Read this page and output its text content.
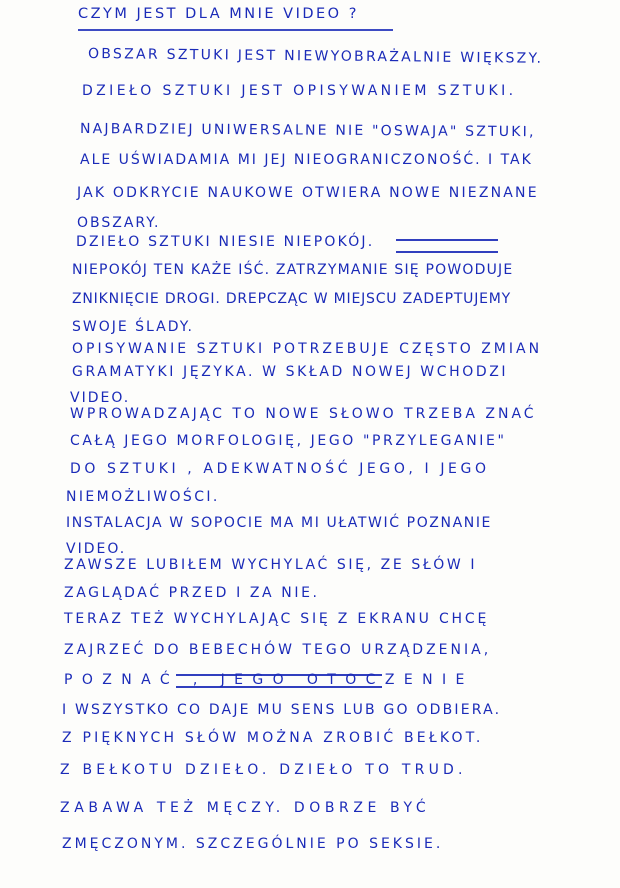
CZYM JEST DLA MNIE VIDEO ?
OBSZAR SZTUKI JEST NIEWYOBRAŻALNIE WIĘKSZY.
DZIEŁO SZTUKI JEST OPISYWANIEM SZTUKI.
NAJBARDZIEJ UNIWERSALNE NIE "OSWAJA" SZTUKI,
ALE UŚWIADAMIA MI JEJ NIEOGRANICZONOŚĆ. I TAK
JAK ODKRYCIE NAUKOWE OTWIERA NOWE NIEZNANE
OBSZARY.
DZIEŁO SZTUKI NIESIE NIEPOKÓJ.
NIEPOKÓJ TEN KAŻE IŚĆ. ZATRZYMANIE SIĘ POWODUJE
ZNIKNIĘCIE DROGI. DREPCZĄC W MIEJSCU ZADEPTUJEMY
SWOJE ŚLADY.
OPISYWANIE SZTUKI POTRZEBUJE CZĘSTO ZMIAN
GRAMATYKI JĘZYKA. W SKŁAD NOWEJ WCHODZI
VIDEO.
WPROWADZAJĄC TO NOWE SŁOWO TRZEBA ZNAĆ
CAŁĄ JEGO MORFOLOGIĘ, JEGO "PRZYLEGANIE"
DO SZTUKI , ADEKWATNOŚĆ JEGO, I JEGO
NIEMOŻLIWOŚCI.
INSTALACJA W SOPOCIE MA MI UŁATWIĆ POZNANIE
VIDEO.
ZAWSZE LUBIŁEM WYCHYLAĆ SIĘ, ZE SŁÓW I
ZAGLĄDAĆ PRZED I ZA NIE.
TERAZ TEŻ WYCHYLAJĄC SIĘ Z EKRANU CHCĘ
ZAJRZEĆ DO BEBECHÓW TEGO URZĄDZENIA,
POZNAĆ , JEGO OTOCZENIE
I WSZYSTKO CO DAJE MU SENS LUB GO ODBIERA.
Z PIĘKNYCH SŁÓW MOŻNA ZROBIĆ BEŁKOT.
Z BEŁKOTU DZIEŁO. DZIEŁO TO TRUD.
ZABAWA TEŻ MĘCZY. DOBRZE BYĆ
ZMĘCZONYM. SZCZEGÓLNIE PO SEKSIE.
